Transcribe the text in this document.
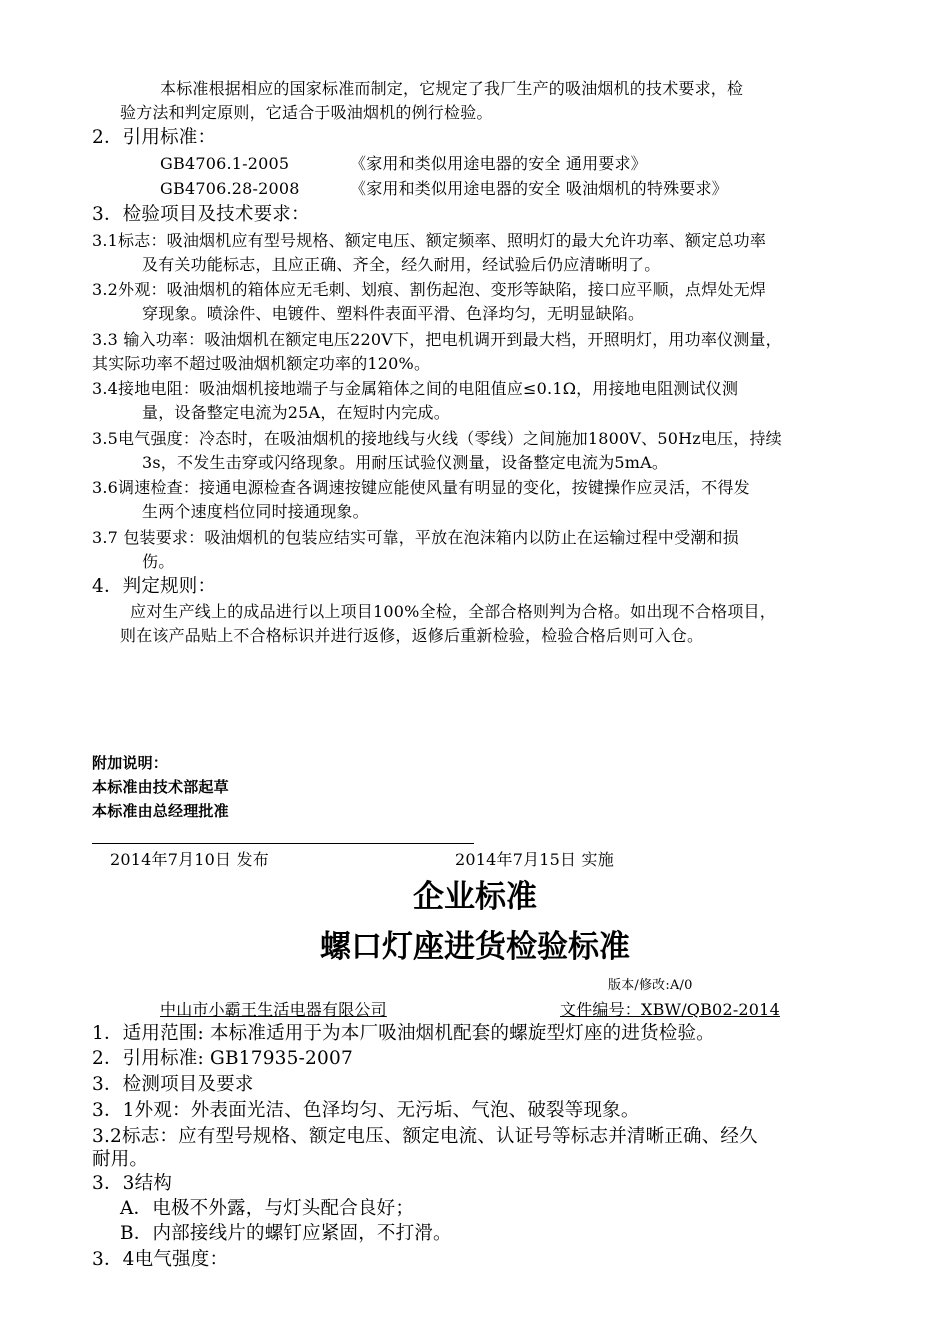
本标准根据相应的国家标准而制定，它规定了我厂生产的吸油烟机的技术要求，检
验方法和判定原则，它适合于吸油烟机的例行检验。
2．引用标准：
GB4706.1-2005	《家用和类似用途电器的安全 通用要求》
GB4706.28-2008	《家用和类似用途电器的安全 吸油烟机的特殊要求》
3．检验项目及技术要求：
3.1标志：吸油烟机应有型号规格、额定电压、额定频率、照明灯的最大允许功率、额定总功率
及有关功能标志，且应正确、齐全，经久耐用，经试验后仍应清晰明了。
3.2外观：吸油烟机的箱体应无毛刺、划痕、割伤起泡、变形等缺陷，接口应平顺，点焊处无焊
穿现象。喷涂件、电镀件、塑料件表面平滑、色泽均匀，无明显缺陷。
3.3 输入功率：吸油烟机在额定电压220V下，把电机调开到最大档，开照明灯，用功率仪测量，
其实际功率不超过吸油烟机额定功率的120%。
3.4接地电阻：吸油烟机接地端子与金属箱体之间的电阻值应≤0.1Ω，用接地电阻测试仪测
量，设备整定电流为25A，在短时内完成。
3.5电气强度：冷态时，在吸油烟机的接地线与火线（零线）之间施加1800V、50Hz电压，持续
3s，不发生击穿或闪络现象。用耐压试验仪测量，设备整定电流为5mA。
3.6调速检查：接通电源检查各调速按键应能使风量有明显的变化，按键操作应灵活，不得发
生两个速度档位同时接通现象。
3.7 包装要求：吸油烟机的包装应结实可靠，平放在泡沫箱内以防止在运输过程中受潮和损
伤。
4．判定规则：
应对生产线上的成品进行以上项目100%全检，全部合格则判为合格。如出现不合格项目，
则在该产品贴上不合格标识并进行返修，返修后重新检验，检验合格后则可入仓。
附加说明：
本标准由技术部起草
本标准由总经理批准
2014年7月10日 发布	2014年7月15日 实施
企业标准
螺口灯座进货检验标准
版本/修改:A/0
中山市小霸王生活电器有限公司	文件编号：XBW/QB02-2014
1．适用范围: 本标准适用于为本厂吸油烟机配套的螺旋型灯座的进货检验。
2．引用标准: GB17935-2007
3．检测项目及要求
3．1外观：外表面光洁、色泽均匀、无污垢、气泡、破裂等现象。
3.2标志：应有型号规格、额定电压、额定电流、认证号等标志并清晰正确、经久
耐用。
3．3结构
A．电极不外露，与灯头配合良好；
B．内部接线片的螺钉应紧固，不打滑。
3．4电气强度：
